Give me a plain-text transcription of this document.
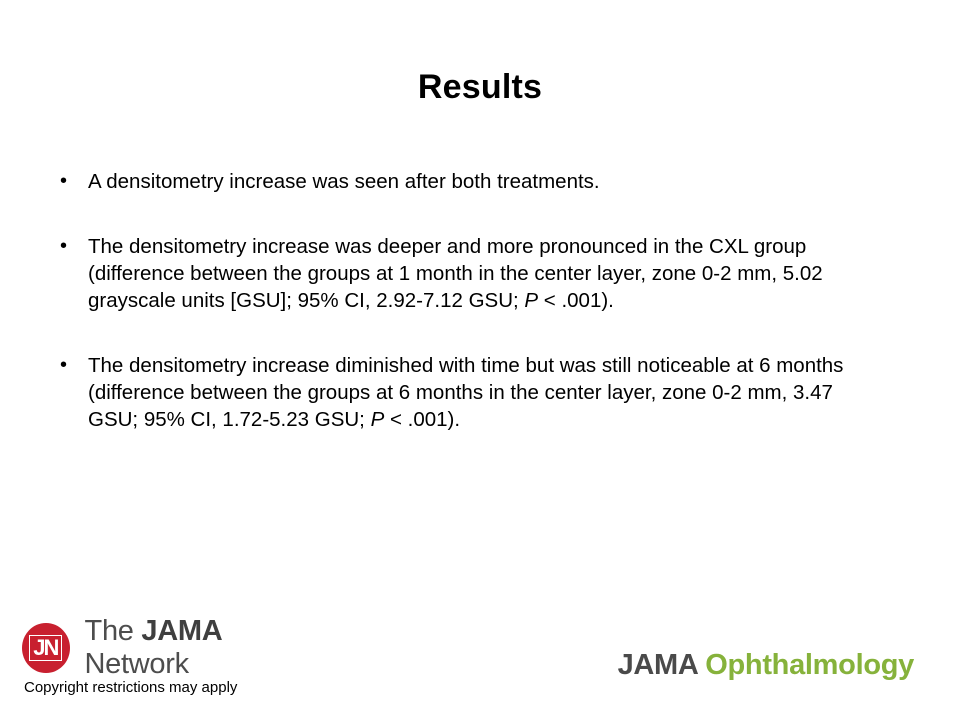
Results
• A densitometry increase was seen after both treatments.
• The densitometry increase was deeper and more pronounced in the CXL group (difference between the groups at 1 month in the center layer, zone 0-2 mm, 5.02 grayscale units [GSU]; 95% CI, 2.92-7.12 GSU; P < .001).
• The densitometry increase diminished with time but was still noticeable at 6 months (difference between the groups at 6 months in the center layer, zone 0-2 mm, 3.47 GSU; 95% CI, 1.72-5.23 GSU; P < .001).
JN
The JAMA Network
Copyright restrictions may apply
JAMA Ophthalmology
